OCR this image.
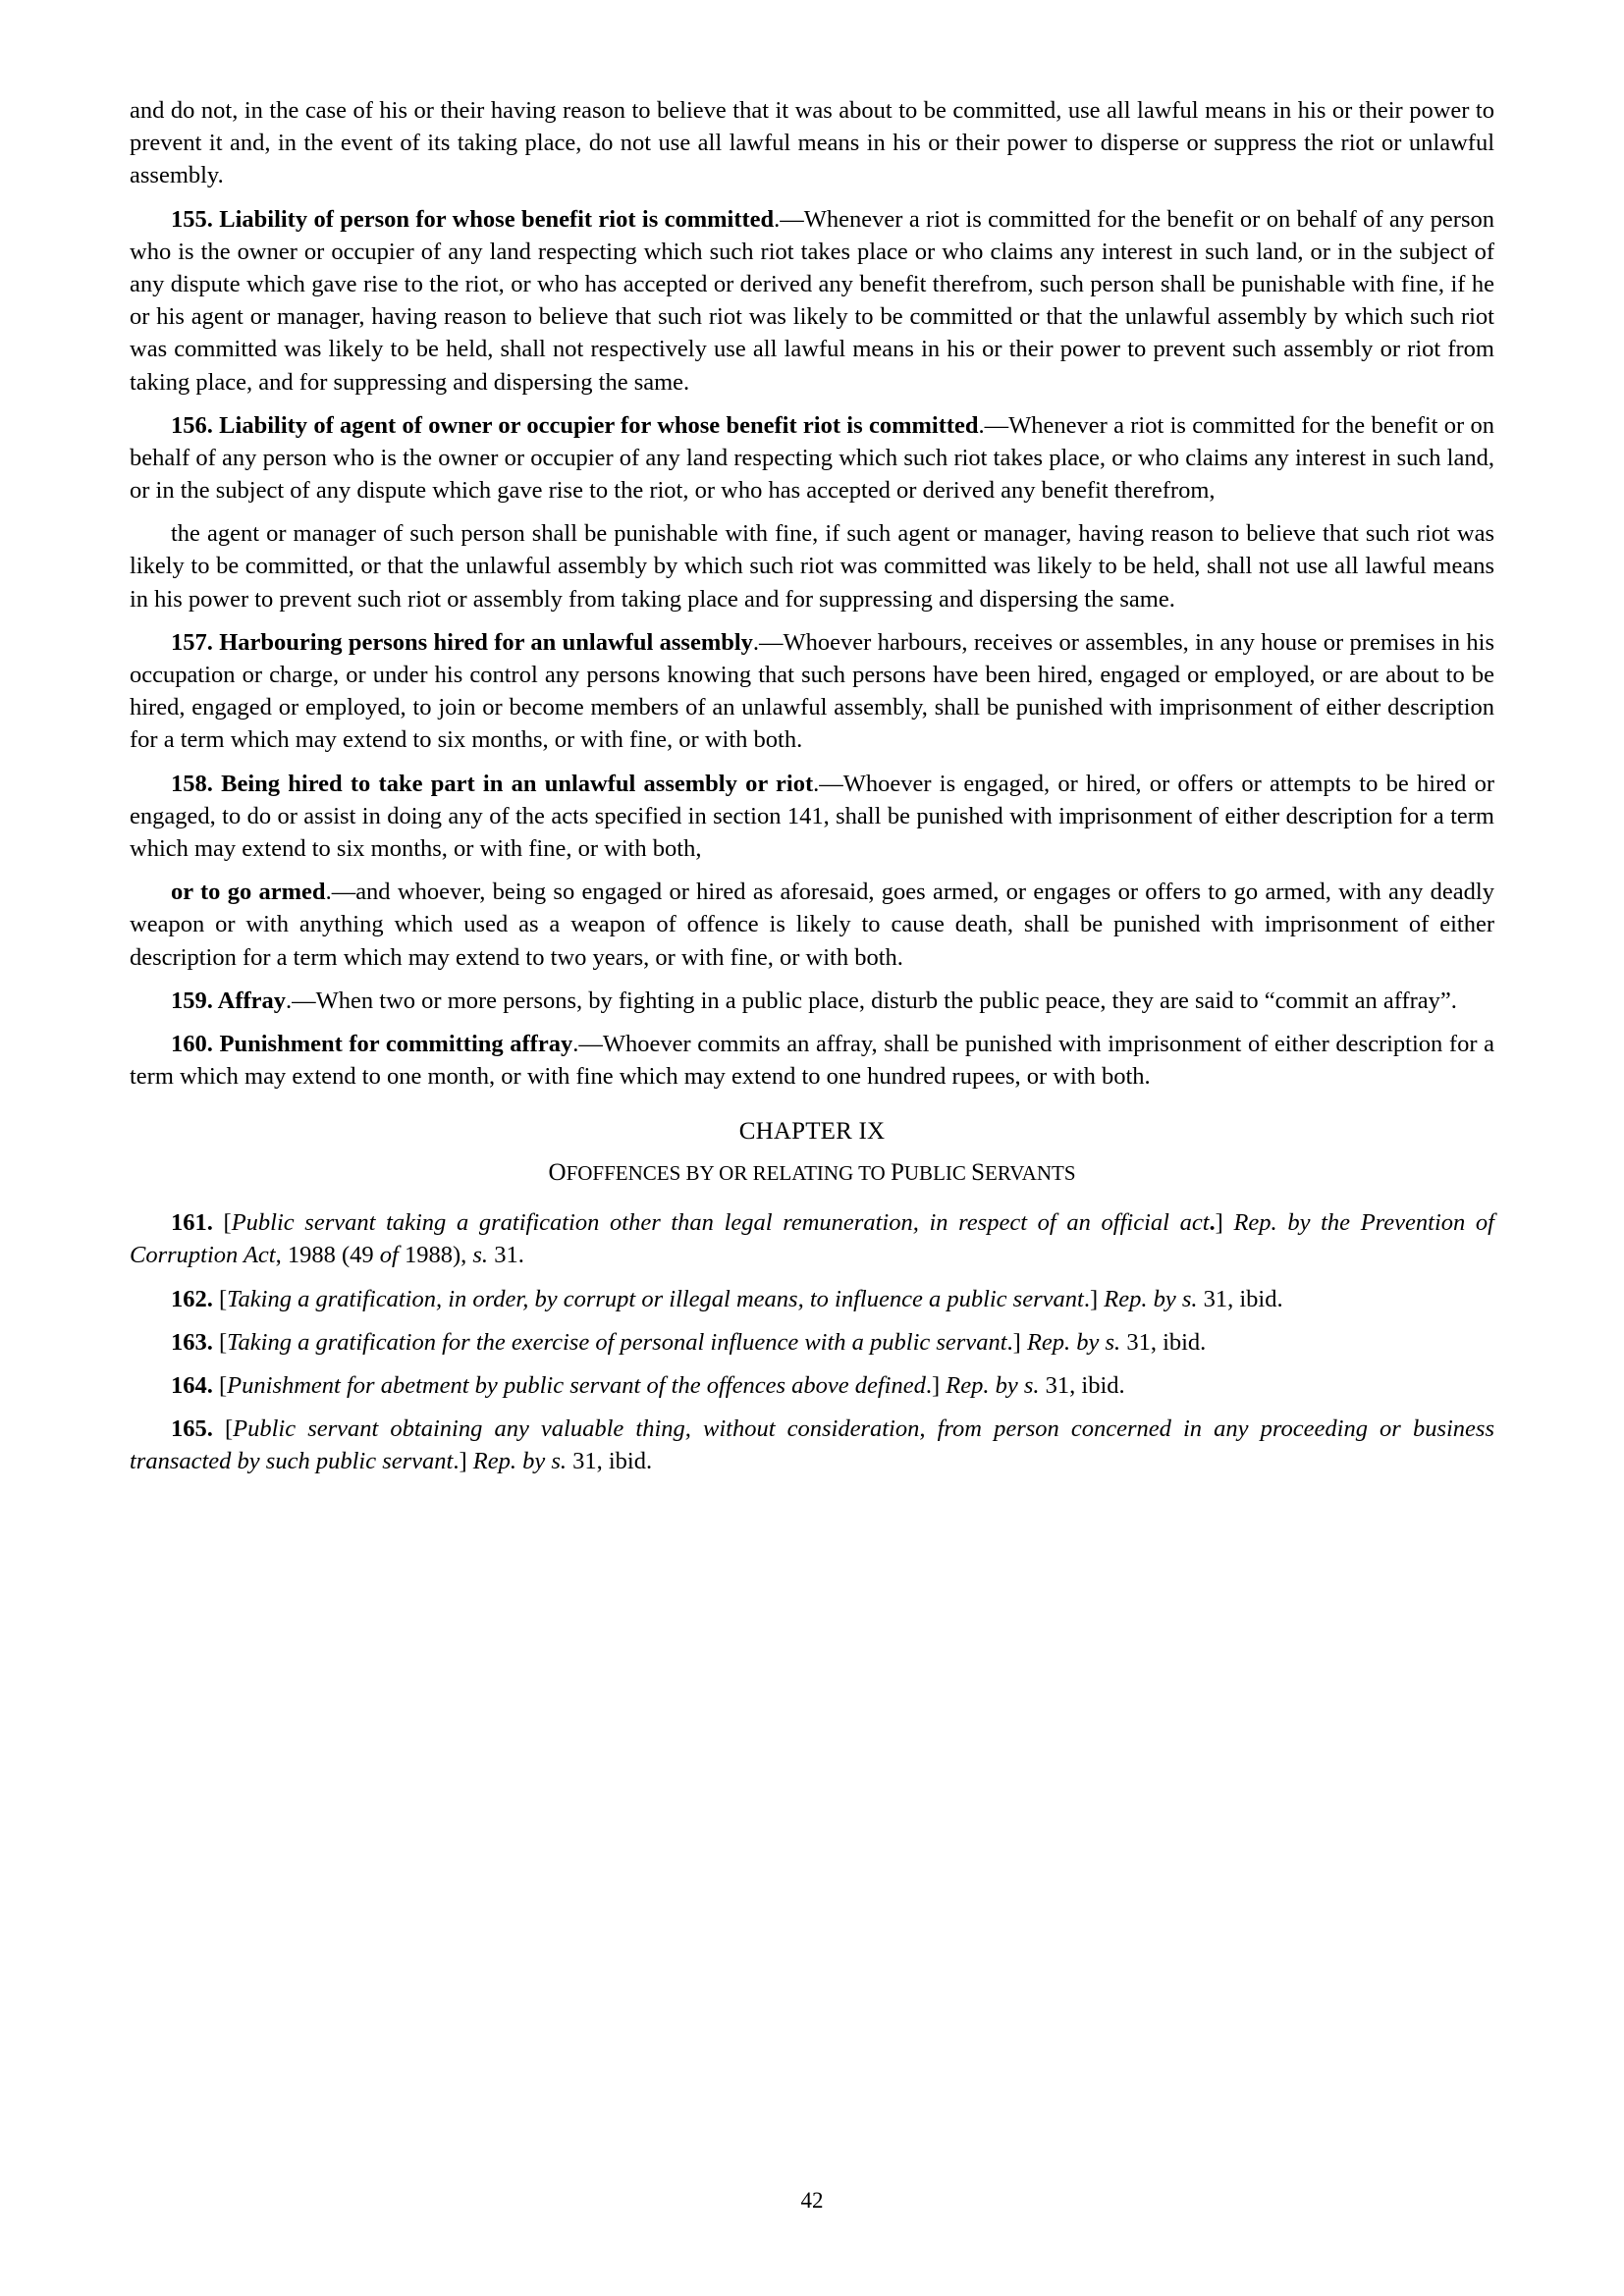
and do not, in the case of his or their having reason to believe that it was about to be committed, use all lawful means in his or their power to prevent it and, in the event of its taking place, do not use all lawful means in his or their power to disperse or suppress the riot or unlawful assembly.
155. Liability of person for whose benefit riot is committed.—Whenever a riot is committed for the benefit or on behalf of any person who is the owner or occupier of any land respecting which such riot takes place or who claims any interest in such land, or in the subject of any dispute which gave rise to the riot, or who has accepted or derived any benefit therefrom, such person shall be punishable with fine, if he or his agent or manager, having reason to believe that such riot was likely to be committed or that the unlawful assembly by which such riot was committed was likely to be held, shall not respectively use all lawful means in his or their power to prevent such assembly or riot from taking place, and for suppressing and dispersing the same.
156. Liability of agent of owner or occupier for whose benefit riot is committed.—Whenever a riot is committed for the benefit or on behalf of any person who is the owner or occupier of any land respecting which such riot takes place, or who claims any interest in such land, or in the subject of any dispute which gave rise to the riot, or who has accepted or derived any benefit therefrom,
the agent or manager of such person shall be punishable with fine, if such agent or manager, having reason to believe that such riot was likely to be committed, or that the unlawful assembly by which such riot was committed was likely to be held, shall not use all lawful means in his power to prevent such riot or assembly from taking place and for suppressing and dispersing the same.
157. Harbouring persons hired for an unlawful assembly.—Whoever harbours, receives or assembles, in any house or premises in his occupation or charge, or under his control any persons knowing that such persons have been hired, engaged or employed, or are about to be hired, engaged or employed, to join or become members of an unlawful assembly, shall be punished with imprisonment of either description for a term which may extend to six months, or with fine, or with both.
158. Being hired to take part in an unlawful assembly or riot.—Whoever is engaged, or hired, or offers or attempts to be hired or engaged, to do or assist in doing any of the acts specified in section 141, shall be punished with imprisonment of either description for a term which may extend to six months, or with fine, or with both,
or to go armed.—and whoever, being so engaged or hired as aforesaid, goes armed, or engages or offers to go armed, with any deadly weapon or with anything which used as a weapon of offence is likely to cause death, shall be punished with imprisonment of either description for a term which may extend to two years, or with fine, or with both.
159. Affray.—When two or more persons, by fighting in a public place, disturb the public peace, they are said to “commit an affray”.
160. Punishment for committing affray.—Whoever commits an affray, shall be punished with imprisonment of either description for a term which may extend to one month, or with fine which may extend to one hundred rupees, or with both.
CHAPTER IX
OFOFFENCES BY OR RELATING TO PUBLIC SERVANTS
161. [Public servant taking a gratification other than legal remuneration, in respect of an official act.] Rep. by the Prevention of Corruption Act, 1988 (49 of 1988), s. 31.
162. [Taking a gratification, in order, by corrupt or illegal means, to influence a public servant.] Rep. by s. 31, ibid.
163. [Taking a gratification for the exercise of personal influence with a public servant.] Rep. by s. 31, ibid.
164. [Punishment for abetment by public servant of the offences above defined.] Rep. by s. 31, ibid.
165. [Public servant obtaining any valuable thing, without consideration, from person concerned in any proceeding or business transacted by such public servant.] Rep. by s. 31, ibid.
42
